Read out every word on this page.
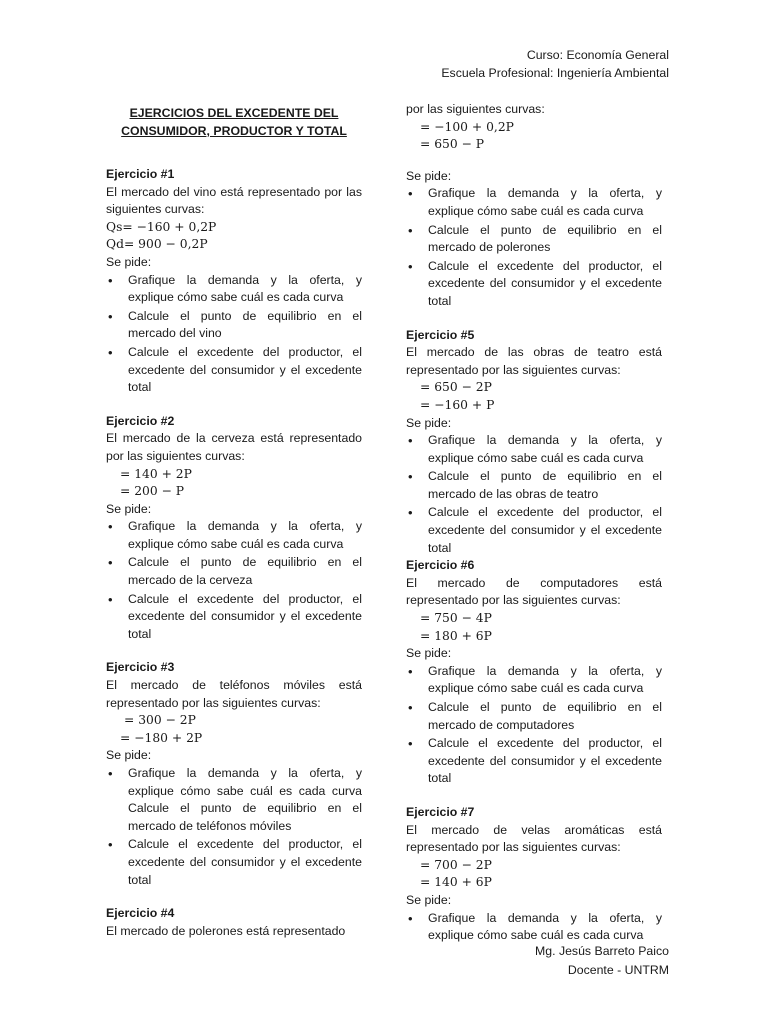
Curso: Economía General
Escuela Profesional: Ingeniería Ambiental
EJERCICIOS DEL EXCEDENTE DEL
CONSUMIDOR, PRODUCTOR Y TOTAL
Ejercicio #1
El mercado del vino está representado por las siguientes curvas:
Qs= −160 + 0,2P
Qd= 900 − 0,2P
Se pide:
• Grafique la demanda y la oferta, y explique cómo sabe cuál es cada curva
• Calcule el punto de equilibrio en el mercado del vino
• Calcule el excedente del productor, el excedente del consumidor y el excedente total
Ejercicio #2
El mercado de la cerveza está representado por las siguientes curvas:
= 140 + 2P
= 200 − P
Se pide:
• Grafique la demanda y la oferta, y explique cómo sabe cuál es cada curva
• Calcule el punto de equilibrio en el mercado de la cerveza
• Calcule el excedente del productor, el excedente del consumidor y el excedente total
Ejercicio #3
El mercado de teléfonos móviles está representado por las siguientes curvas:
= 300 − 2P
= −180 + 2P
Se pide:
• Grafique la demanda y la oferta, y explique cómo sabe cuál es cada curva Calcule el punto de equilibrio en el mercado de teléfonos móviles
• Calcule el excedente del productor, el excedente del consumidor y el excedente total
Ejercicio #4
El mercado de polerones está representado
por las siguientes curvas:
= −100 + 0,2P
= 650 − P
Se pide:
• Grafique la demanda y la oferta, y explique cómo sabe cuál es cada curva
• Calcule el punto de equilibrio en el mercado de polerones
• Calcule el excedente del productor, el excedente del consumidor y el excedente total
Ejercicio #5
El mercado de las obras de teatro está representado por las siguientes curvas:
= 650 − 2P
= −160 + P
Se pide:
• Grafique la demanda y la oferta, y explique cómo sabe cuál es cada curva
• Calcule el punto de equilibrio en el mercado de las obras de teatro
• Calcule el excedente del productor, el excedente del consumidor y el excedente total
Ejercicio #6
El mercado de computadores está representado por las siguientes curvas:
= 750 − 4P
= 180 + 6P
Se pide:
• Grafique la demanda y la oferta, y explique cómo sabe cuál es cada curva
• Calcule el punto de equilibrio en el mercado de computadores
• Calcule el excedente del productor, el excedente del consumidor y el excedente total
Ejercicio #7
El mercado de velas aromáticas está representado por las siguientes curvas:
= 700 − 2P
= 140 + 6P
Se pide:
• Grafique la demanda y la oferta, y explique cómo sabe cuál es cada curva
Mg. Jesús Barreto Paico
Docente - UNTRM
